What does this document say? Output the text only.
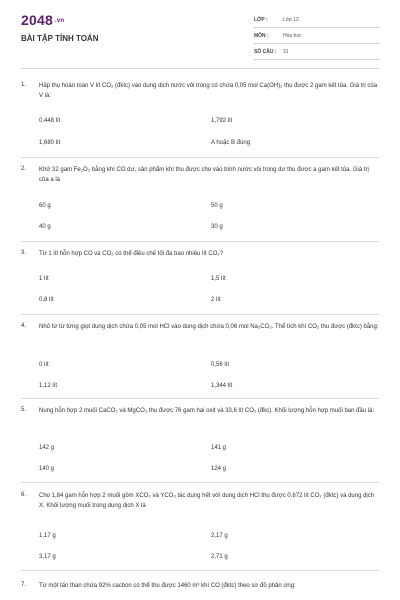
2048 .vn
BÀI TẬP TÍNH TOÁN
LỚP :	Lớp 12
MÔN :	Hóa học
SỐ CÂU : 31
1. Hấp thụ hoàn toàn V lít CO₂ (đktc) vào dung dịch nước vôi trong có chứa 0,05 mol Ca(OH)₂ thu được 2 gam kết tủa. Giá trị của V là:
0,448 lít	1,792 lít
1,680 lít	A hoặc B đúng
2. Khử 32 gam Fe₂O₃ bằng khí CO dư, sản phẩm khí thu được cho vào bình nước vôi trong dư thu được a gam kết tủa. Giá trị của a là
60 g	50 g
40 g	30 g
3. Từ 1 lít hỗn hợp CO và CO₂ có thể điều chế tối đa bao nhiêu lít CO₂?
1 lít	1,5 lít
0,8 lít	2 lít
4. Nhỏ từ từ từng giọt dung dịch chứa 0,05 mol HCl vào dung dịch chứa 0,06 mol Na₂CO₃. Thể tích khí CO₂ thu được (đktc) bằng:
0 lít	0,56 lít
1,12 lít	1,344 lít
5. Nung hỗn hợp 2 muối CaCO₃ và MgCO₃ thu được 76 gam hai oxit và 33,6 lít CO₂ (đkc). Khối lượng hỗn hợp muối ban đầu là:
142 g	141 g
140 g	124 g
6. Cho 1,84 gam hỗn hợp 2 muối gồm XCO₃ và YCO₃ tác dụng hết với dung dịch HCl thu được 0,672 lít CO₂ (đktc) và dung dịch X. Khối lượng muối trong dung dịch X là
1,17 g	2,17 g
3,17 g	2,71 g
7. Từ một tấn than chứa 92% cacbon có thể thu được 1460 m³ khí CO (đktc) theo sơ đồ phản ứng:
